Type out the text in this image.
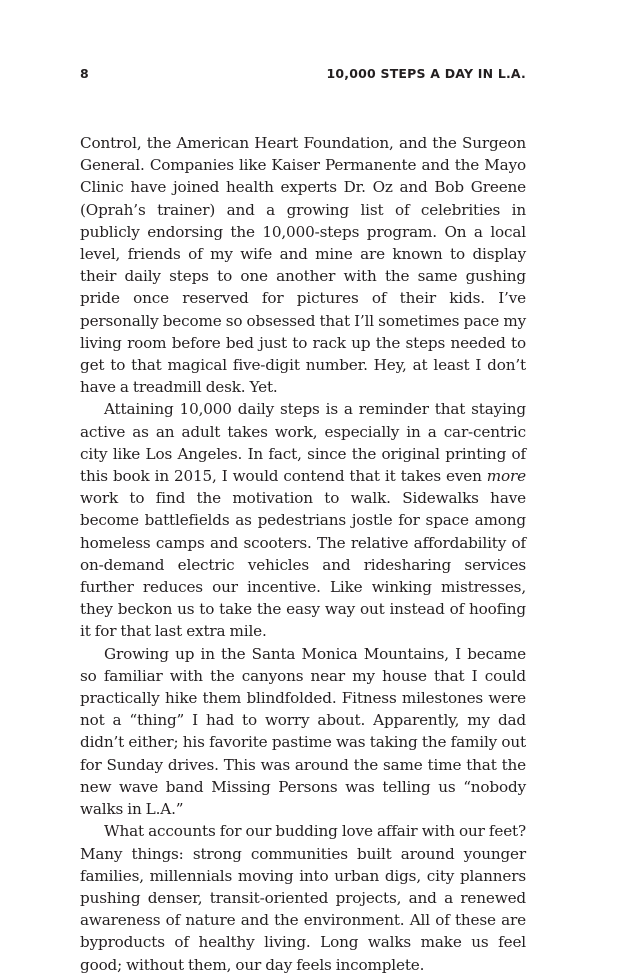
8	10,000 STEPS A DAY IN L.A.

Control, the American Heart Foundation, and the Surgeon General. Companies like Kaiser Permanente and the Mayo Clinic have joined health experts Dr. Oz and Bob Greene (Oprah’s trainer) and a growing list of celebrities in publicly endorsing the 10,000-steps program. On a local level, friends of my wife and mine are known to display their daily steps to one another with the same gushing pride once reserved for pictures of their kids. I’ve personally become so obsessed that I’ll sometimes pace my living room before bed just to rack up the steps needed to get to that magical five-digit number. Hey, at least I don’t have a treadmill desk. Yet.

Attaining 10,000 daily steps is a reminder that staying active as an adult takes work, especially in a car-centric city like Los Angeles. In fact, since the original printing of this book in 2015, I would contend that it takes even more work to find the motivation to walk. Sidewalks have become battlefields as pedestrians jostle for space among homeless camps and scooters. The relative affordability of on-demand electric vehicles and ridesharing services further reduces our incentive. Like winking mistresses, they beckon us to take the easy way out instead of hoofing it for that last extra mile.

Growing up in the Santa Monica Mountains, I became so familiar with the canyons near my house that I could practically hike them blindfolded. Fitness milestones were not a “thing” I had to worry about. Apparently, my dad didn’t either; his favorite pastime was taking the family out for Sunday drives. This was around the same time that the new wave band Missing Persons was telling us “nobody walks in L.A.”

What accounts for our budding love affair with our feet? Many things: strong communities built around younger families, millennials moving into urban digs, city planners pushing denser, transit-oriented projects, and a renewed awareness of nature and the environment. All of these are byproducts of healthy living. Long walks make us feel good; without them, our day feels incomplete.
